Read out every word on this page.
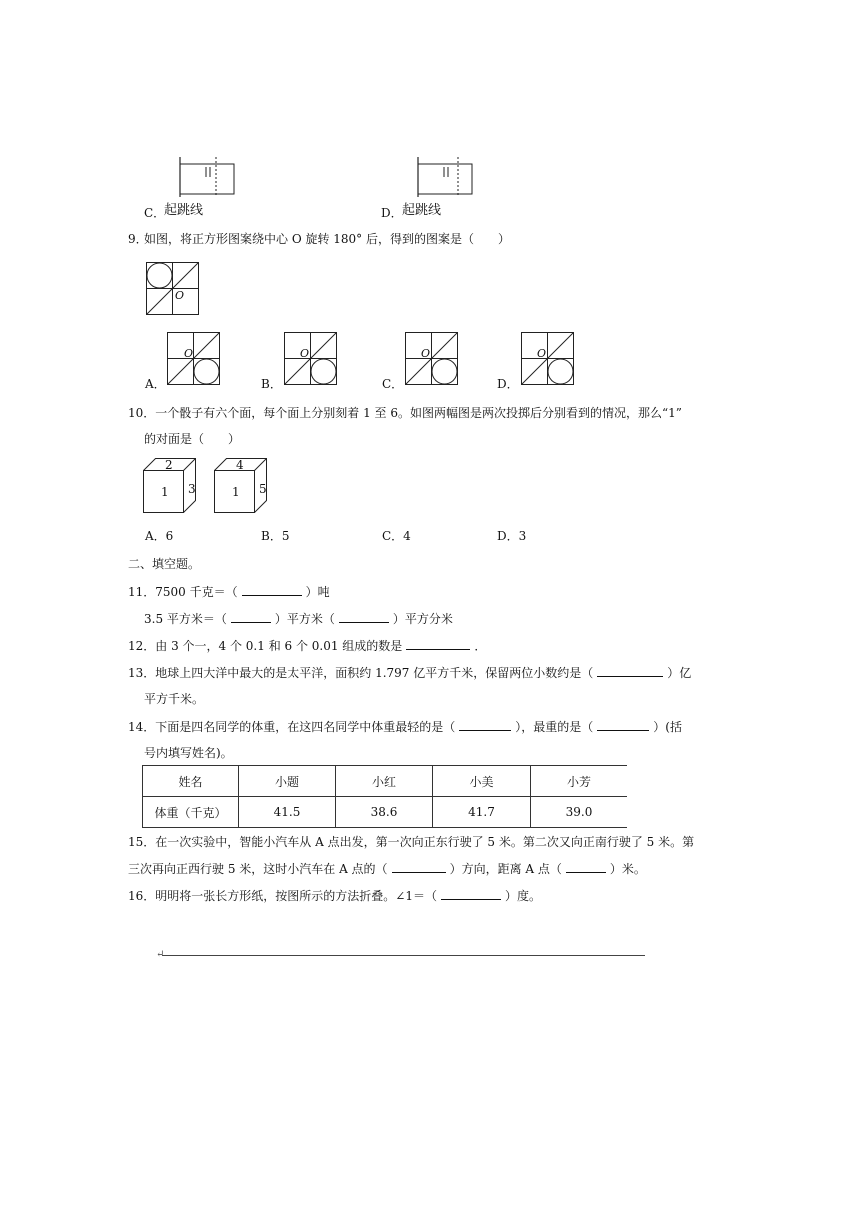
C．
起跳线	D． 起跳线
9．
如图，将正方形图案绕中心 O 旋转 180° 后，得到的图案是（　　）
O
O
A．
O
B．
O
C．
O
D．
10．一个骰子有六个面，每个面上分别刻着 1 至 6。如图两幅图是两次投掷后分别看到的情况，那么“1”
的对面是（　　）
2
1 3
4
1 5
A．6	B．5	C．4	D．3
二、填空题。
11．7500 千克＝（	）吨
3.5 平方米＝（	）平方米（	）平方分米
12．由 3 个一，4 个 0.1 和 6 个 0.01 组成的数是	．
13．地球上四大洋中最大的是太平洋，面积约 1.797 亿平方千米，保留两位小数约是（	）亿
平方千米。
14．下面是四名同学的体重，在这四名同学中体重最轻的是（	），最重的是（	）(括
号内填写姓名)。
姓名	小题	小红	小美	小芳
体重（千克）	41.5	38.6	41.7	39.0
15．在一次实验中，智能小汽车从 A 点出发，第一次向正东行驶了 5 米。第二次又向正南行驶了 5 米。第
三次再向正西行驶 5 米，这时小汽车在 A 点的（	）方向，距离 A 点（	）米。
16．明明将一张长方形纸，按图所示的方法折叠。∠1＝（	）度。
↵
